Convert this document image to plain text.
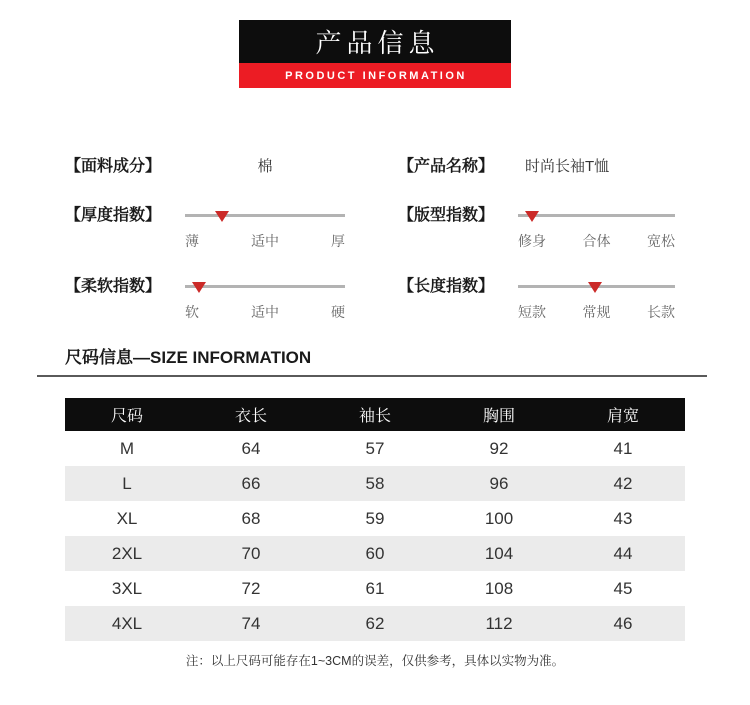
产品信息
PRODUCT INFORMATION
【面料成分】	棉	【产品名称】	时尚长袖T恤
【厚度指数】
薄	适中	厚
【版型指数】
修身	合体	宽松
【柔软指数】
软	适中	硬
【长度指数】
短款	常规	长款
尺码信息—SIZE INFORMATION
尺码	衣长	袖长	胸围	肩宽
M	64	57	92	41
L	66	58	96	42
XL	68	59	100	43
2XL	70	60	104	44
3XL	72	61	108	45
4XL	74	62	112	46
注：以上尺码可能存在1~3CM的误差，仅供参考，具体以实物为准。
